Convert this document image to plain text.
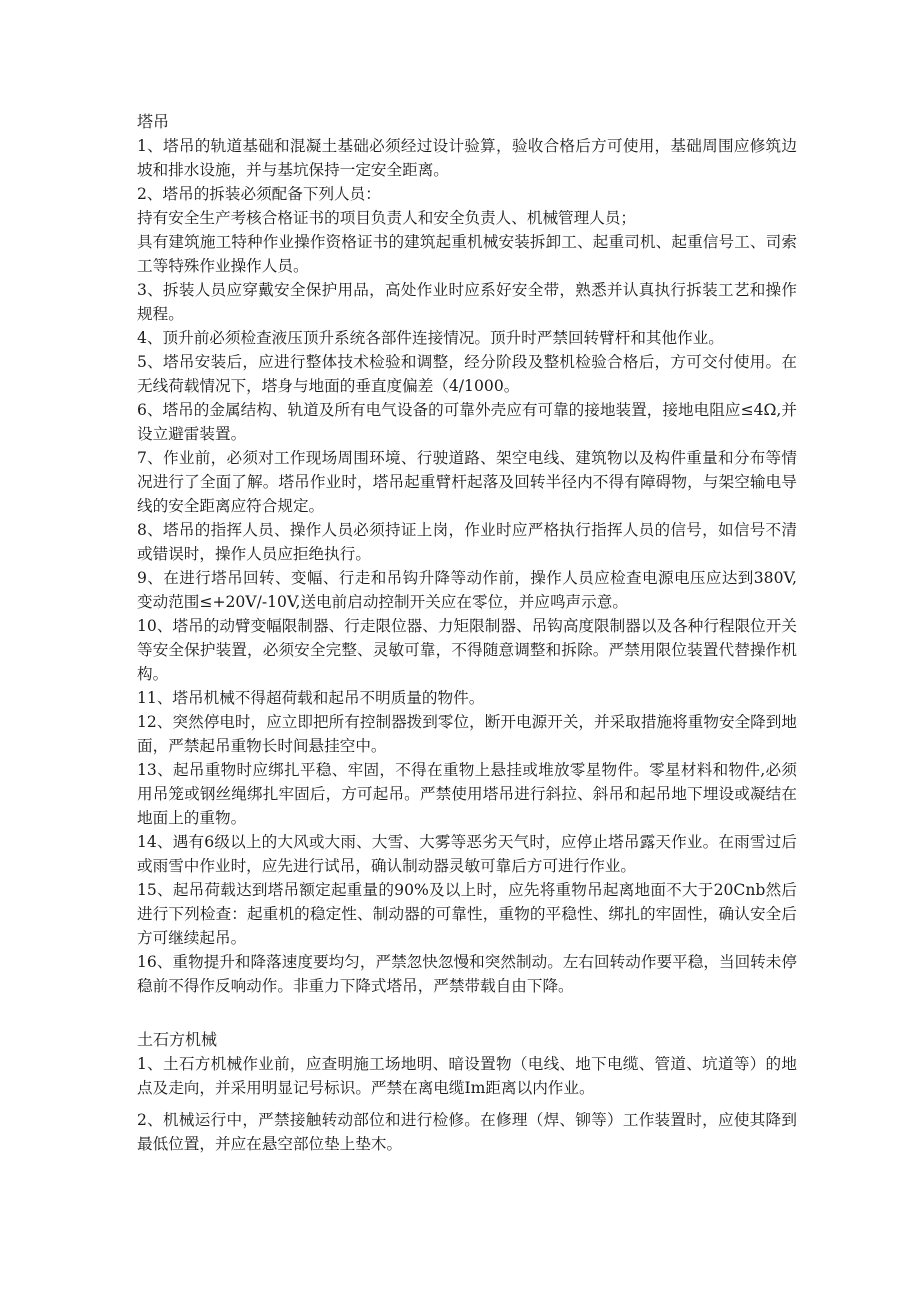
塔吊

1、塔吊的轨道基础和混凝土基础必须经过设计验算，验收合格后方可使用，基础周围应修筑边坡和排水设施，并与基坑保持一定安全距离。

2、塔吊的拆装必须配备下列人员：

持有安全生产考核合格证书的项目负责人和安全负责人、机械管理人员；

具有建筑施工特种作业操作资格证书的建筑起重机械安装拆卸工、起重司机、起重信号工、司索工等特殊作业操作人员。

3、拆装人员应穿戴安全保护用品，高处作业时应系好安全带，熟悉并认真执行拆装工艺和操作规程。

4、顶升前必须检查液压顶升系统各部件连接情况。顶升时严禁回转臂杆和其他作业。

5、塔吊安装后，应进行整体技术检验和调整，经分阶段及整机检验合格后，方可交付使用。在无线荷载情况下，塔身与地面的垂直度偏差（4/1000。

6、塔吊的金属结构、轨道及所有电气设备的可靠外壳应有可靠的接地装置，接地电阻应≤4Ω,并设立避雷装置。

7、作业前，必须对工作现场周围环境、行驶道路、架空电线、建筑物以及构件重量和分布等情况进行了全面了解。塔吊作业时，塔吊起重臂杆起落及回转半径内不得有障碍物，与架空输电导线的安全距离应符合规定。

8、塔吊的指挥人员、操作人员必须持证上岗，作业时应严格执行指挥人员的信号，如信号不清或错误时，操作人员应拒绝执行。

9、在进行塔吊回转、变幅、行走和吊钩升降等动作前，操作人员应检查电源电压应达到380V,变动范围≤+20V/-10V,送电前启动控制开关应在零位，并应鸣声示意。

10、塔吊的动臂变幅限制器、行走限位器、力矩限制器、吊钩高度限制器以及各种行程限位开关等安全保护装置，必须安全完整、灵敏可靠，不得随意调整和拆除。严禁用限位装置代替操作机构。

11、塔吊机械不得超荷载和起吊不明质量的物件。

12、突然停电时，应立即把所有控制器拨到零位，断开电源开关，并采取措施将重物安全降到地面，严禁起吊重物长时间悬挂空中。

13、起吊重物时应绑扎平稳、牢固，不得在重物上悬挂或堆放零星物件。零星材料和物件,必须用吊笼或钢丝绳绑扎牢固后，方可起吊。严禁使用塔吊进行斜拉、斜吊和起吊地下埋设或凝结在地面上的重物。

14、遇有6级以上的大风或大雨、大雪、大雾等恶劣天气时，应停止塔吊露天作业。在雨雪过后或雨雪中作业时，应先进行试吊，确认制动器灵敏可靠后方可进行作业。

15、起吊荷载达到塔吊额定起重量的90%及以上时，应先将重物吊起离地面不大于20Cnb然后进行下列检查：起重机的稳定性、制动器的可靠性，重物的平稳性、绑扎的牢固性，确认安全后方可继续起吊。

16、重物提升和降落速度要均匀，严禁忽快忽慢和突然制动。左右回转动作要平稳，当回转未停稳前不得作反响动作。非重力下降式塔吊，严禁带载自由下降。

土石方机械

1、土石方机械作业前，应查明施工场地明、暗设置物（电线、地下电缆、管道、坑道等）的地点及走向，并采用明显记号标识。严禁在离电缆Im距离以内作业。

2、机械运行中，严禁接触转动部位和进行检修。在修理（焊、铆等）工作装置时，应使其降到最低位置，并应在悬空部位垫上垫木。
